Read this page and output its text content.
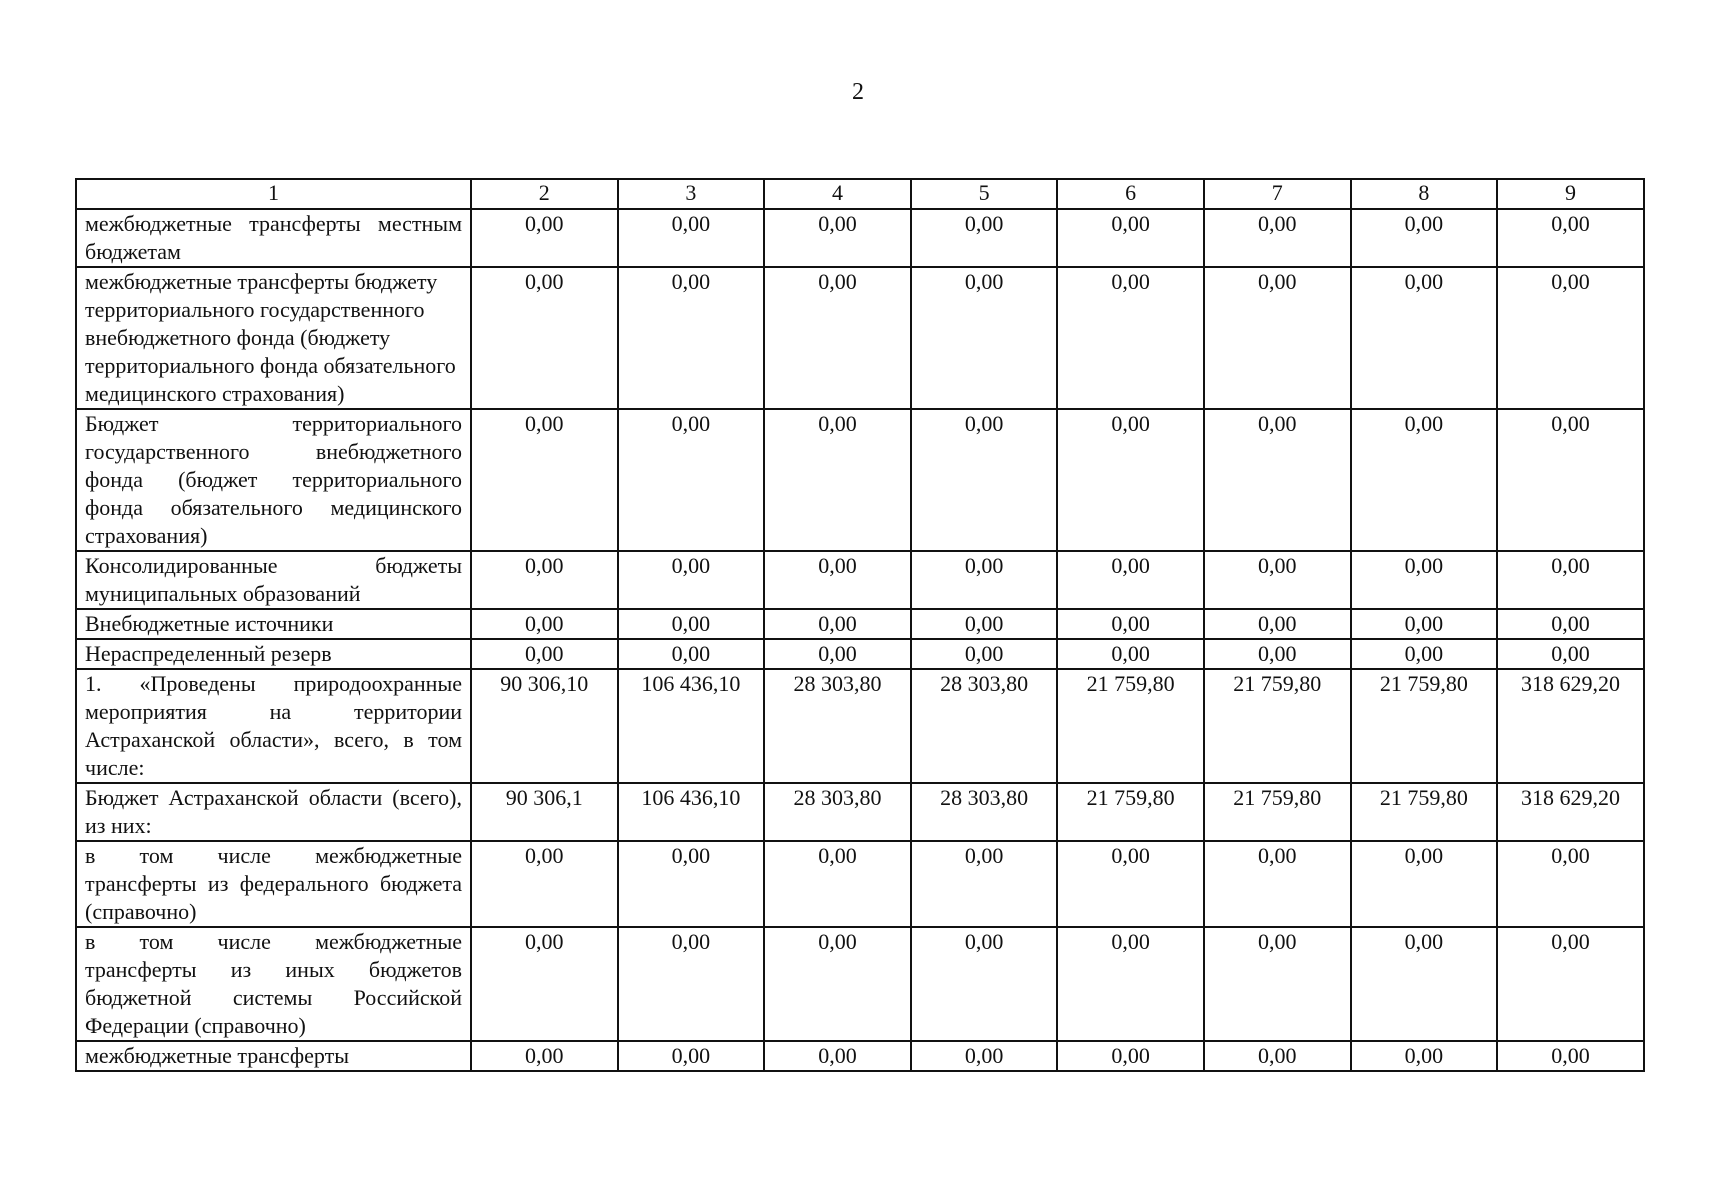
2
1	2	3	4	5	6	7	8	9
межбюджетные трансферты местным бюджетам	0,00	0,00	0,00	0,00	0,00	0,00	0,00	0,00
межбюджетные трансферты бюджету территориального государственного внебюджетного фонда (бюджету территориального фонда обязательного медицинского страхования)	0,00	0,00	0,00	0,00	0,00	0,00	0,00	0,00
Бюджет территориального государственного внебюджетного фонда (бюджет территориального фонда обязательного медицинского страхования)	0,00	0,00	0,00	0,00	0,00	0,00	0,00	0,00
Консолидированные бюджеты муниципальных образований	0,00	0,00	0,00	0,00	0,00	0,00	0,00	0,00
Внебюджетные источники	0,00	0,00	0,00	0,00	0,00	0,00	0,00	0,00
Нераспределенный резерв	0,00	0,00	0,00	0,00	0,00	0,00	0,00	0,00
1. «Проведены природоохранные мероприятия на территории Астраханской области», всего, в том числе:	90 306,10	106 436,10	28 303,80	28 303,80	21 759,80	21 759,80	21 759,80	318 629,20
Бюджет Астраханской области (всего), из них:	90 306,1	106 436,10	28 303,80	28 303,80	21 759,80	21 759,80	21 759,80	318 629,20
в том числе межбюджетные трансферты из федерального бюджета (справочно)	0,00	0,00	0,00	0,00	0,00	0,00	0,00	0,00
в том числе межбюджетные трансферты из иных бюджетов бюджетной системы Российской Федерации (справочно)	0,00	0,00	0,00	0,00	0,00	0,00	0,00	0,00
межбюджетные трансферты	0,00	0,00	0,00	0,00	0,00	0,00	0,00	0,00
